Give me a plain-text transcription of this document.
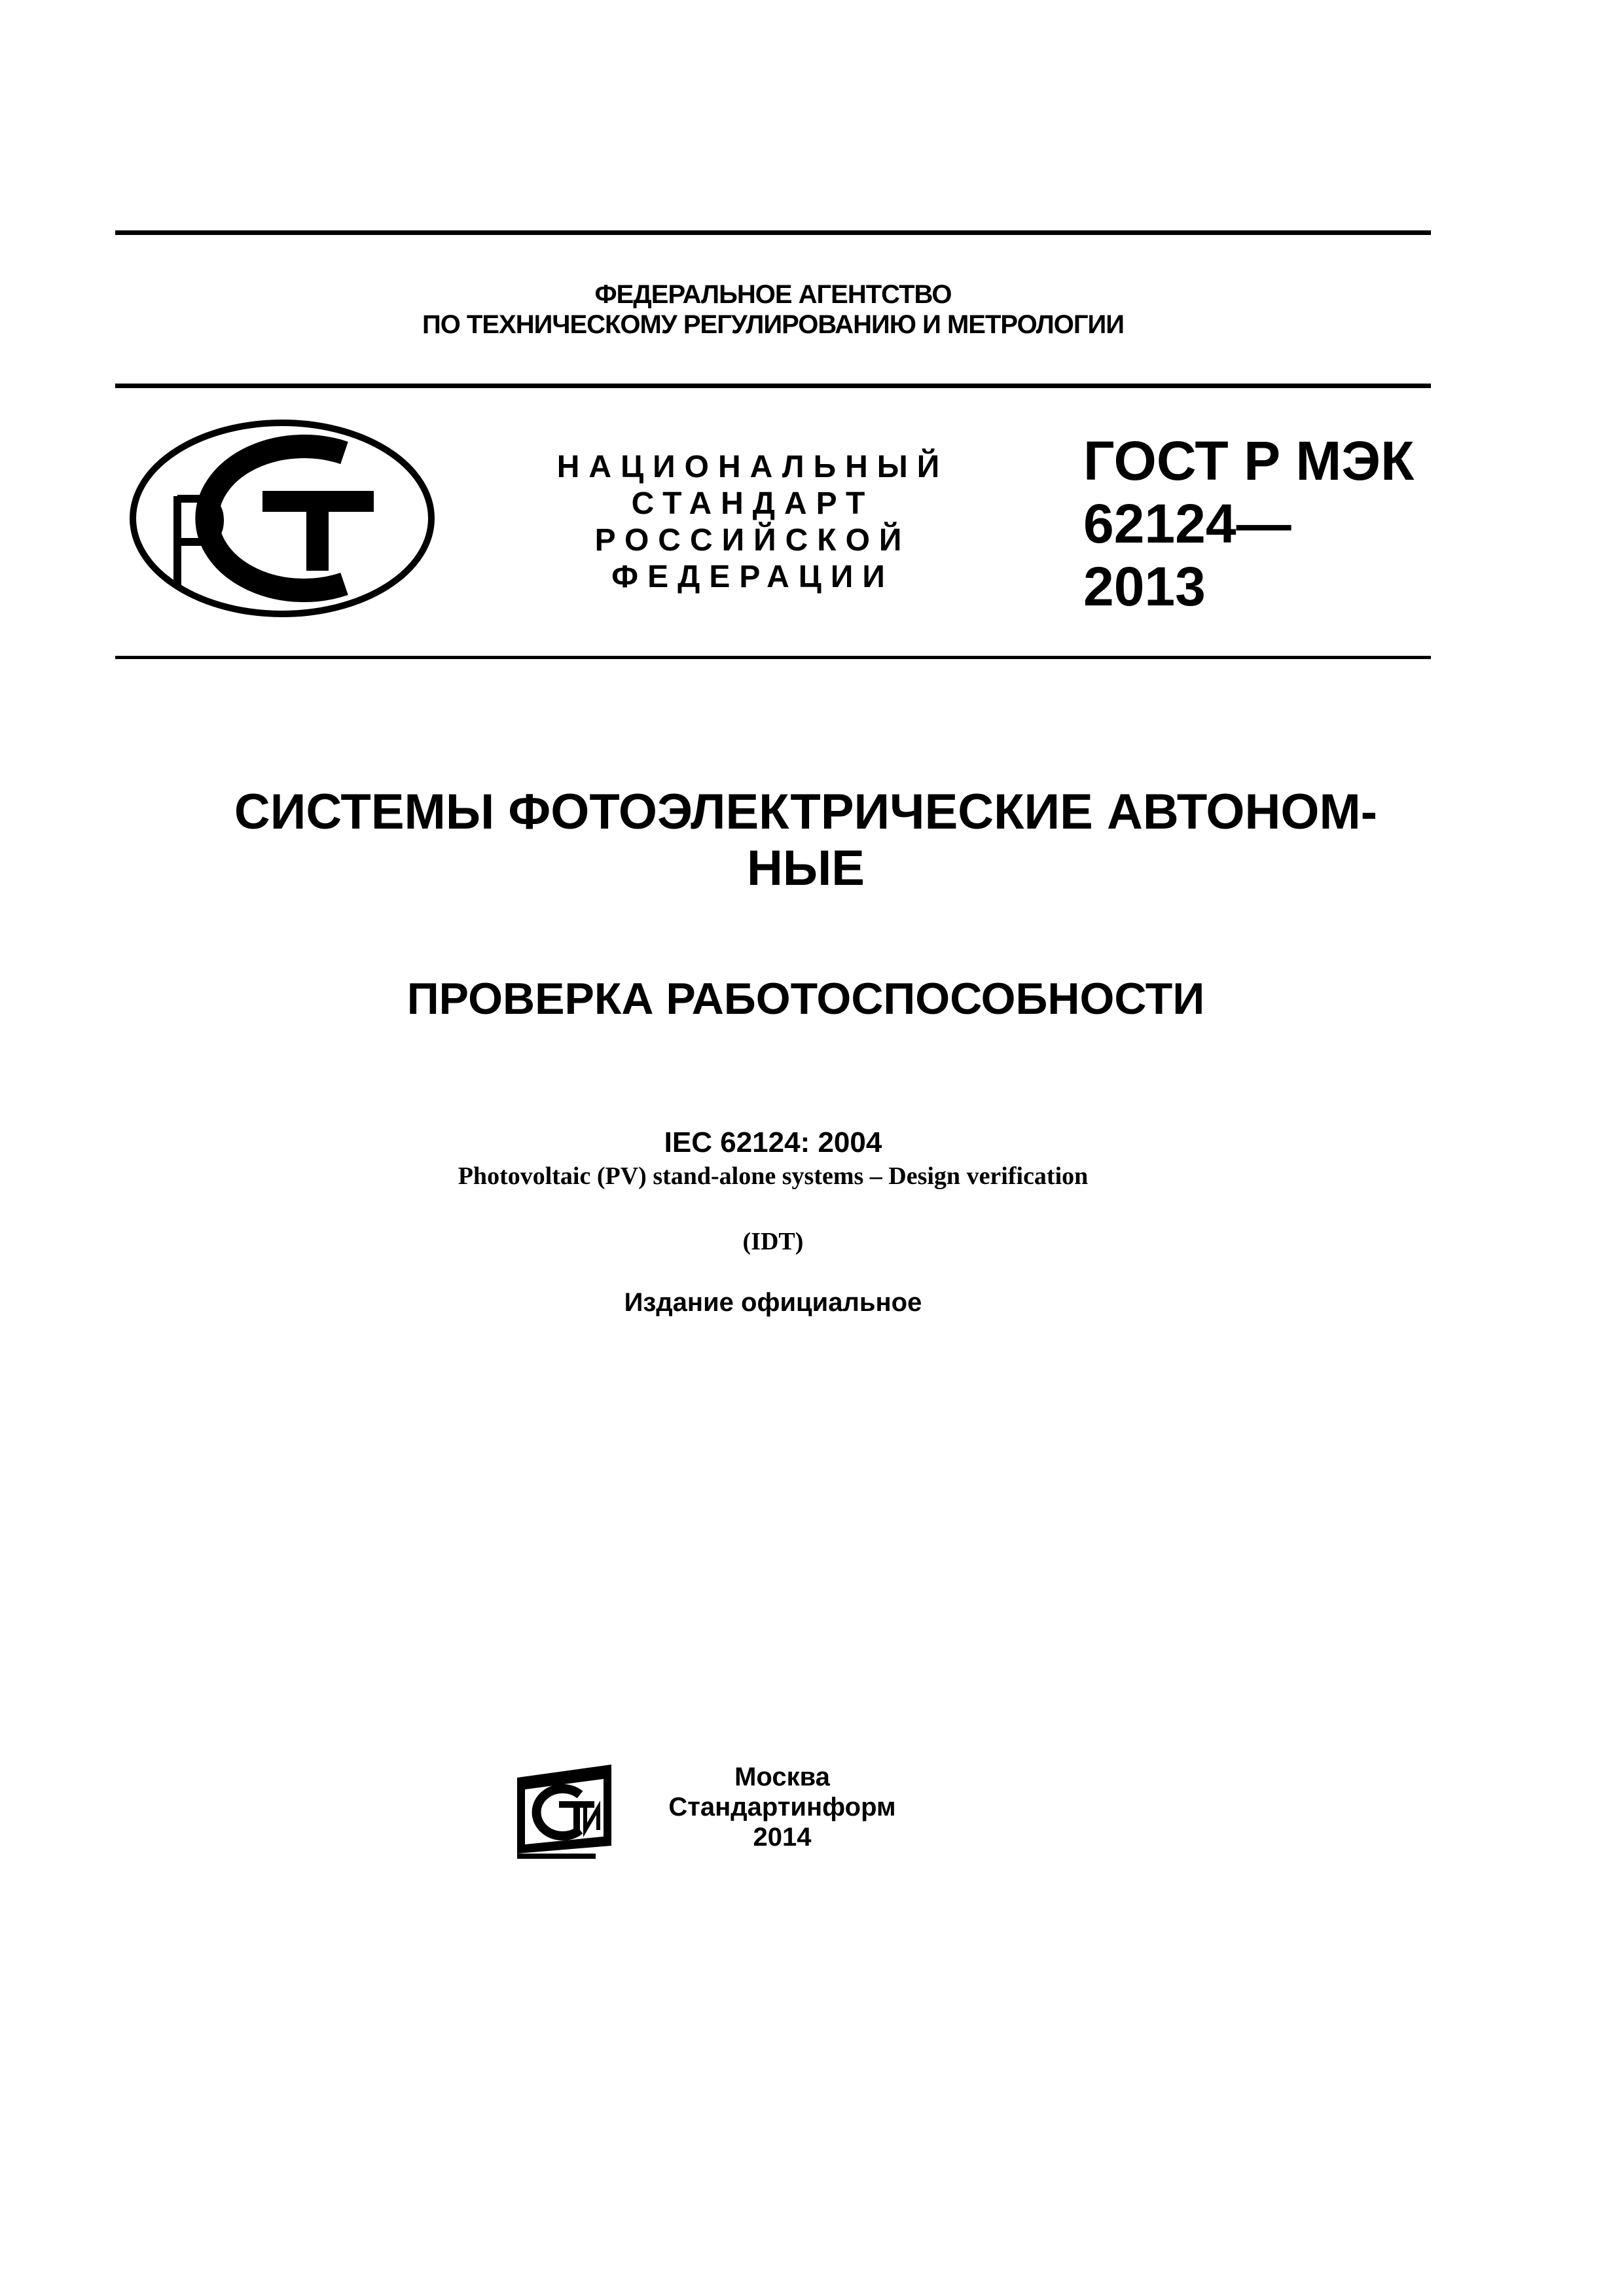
ФЕДЕРАЛЬНОЕ АГЕНТСТВО
ПО ТЕХНИЧЕСКОМУ РЕГУЛИРОВАНИЮ И МЕТРОЛОГИИ
НАЦИОНАЛЬНЫЙ
СТАНДАРТ
РОССИЙСКОЙ
ФЕДЕРАЦИИ
ГОСТ Р МЭК
62124—
2013
СИСТЕМЫ ФОТОЭЛЕКТРИЧЕСКИЕ АВТОНОМ-
НЫЕ
ПРОВЕРКА РАБОТОСПОСОБНОСТИ
IEC 62124: 2004
Photovoltaic (PV) stand-alone systems – Design verification
(IDT)
Издание официальное
Москва
Стандартинформ
2014
